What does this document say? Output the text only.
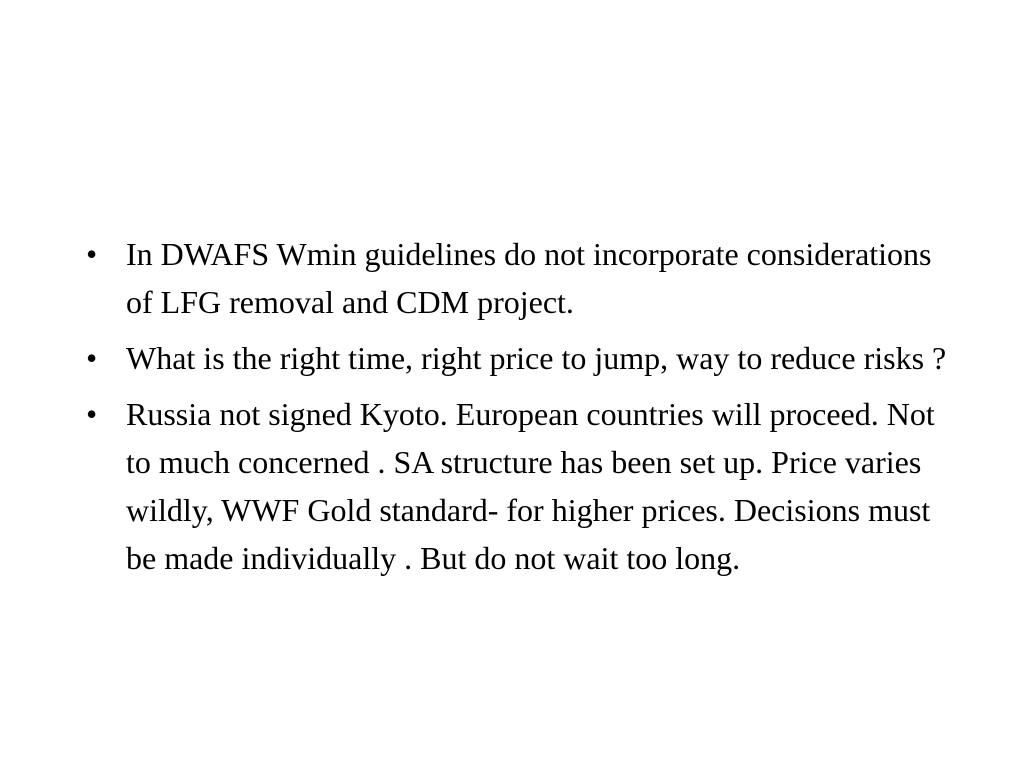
• In DWAFS Wmin guidelines do not incorporate considerations of LFG removal and CDM project.
• What is the right time, right price to jump, way to reduce risks ?
• Russia not signed Kyoto. European countries will proceed. Not to much concerned . SA structure has been set up. Price varies wildly, WWF Gold standard- for higher prices. Decisions must be made individually . But do not wait too long.
